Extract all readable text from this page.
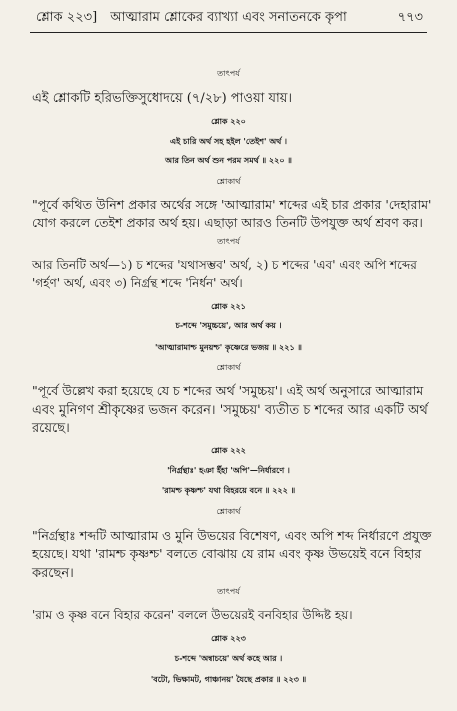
শ্লোক ২২৩]	আত্মারাম শ্লোকের ব্যাখ্যা এবং সনাতনকে কৃপা	৭৭৩
তাৎপর্য
এই শ্লোকটি হরিভক্তিসুধোদয়ে (৭/২৮) পাওয়া যায়।
শ্লোক ২২০
এই চারি অর্থ সহ হইল 'তেইশ' অর্থ ।
আর তিন অর্থ শুন পরম সমর্থ ॥ ২২০ ॥
শ্লোকার্থ
"পূর্বে কথিত উনিশ প্রকার অর্থের সঙ্গে 'আত্মারাম' শব্দের এই চার প্রকার 'দেহারাম'
যোগ করলে তেইশ প্রকার অর্থ হয়। এছাড়া আরও তিনটি উপযুক্ত অর্থ শ্রবণ কর।
তাৎপর্য
আর তিনটি অর্থ—১) চ শব্দের 'যথাসম্ভব' অর্থ, ২) চ শব্দের 'এব' এবং অপি শব্দের
'গর্হণ' অর্থ, এবং ৩) নির্গ্রন্থ শব্দে 'নির্ধন' অর্থ।
শ্লোক ২২১
চ-শব্দে 'সমুচ্চয়ে', আর অর্থ কয় ।
'আত্মারামাশ্চ মুনয়শ্চ' কৃষ্ণেরে ভজয় ॥ ২২১ ॥
শ্লোকার্থ
"পূর্বে উল্লেখ করা হয়েছে যে চ শব্দের অর্থ 'সমুচ্চয়'। এই অর্থ অনুসারে আত্মারাম
এবং মুনিগণ শ্রীকৃষ্ণের ভজন করেন। 'সমুচ্চয়' ব্যতীত চ শব্দের আর একটি অর্থ
রয়েছে।
শ্লোক ২২২
'নির্গ্রন্থাঃ' হঞা ইঁহা 'অপি'—নির্ধারণে ।
'রামশ্চ কৃষ্ণশ্চ' যথা বিহরয়ে বনে ॥ ২২২ ॥
শ্লোকার্থ
"নির্গ্রন্থাঃ শব্দটি আত্মারাম ও মুনি উভয়ের বিশেষণ, এবং অপি শব্দ নির্ধারণে প্রযুক্ত
হয়েছে। যথা 'রামশ্চ কৃষ্ণশ্চ' বলতে বোঝায় যে রাম এবং কৃষ্ণ উভয়েই বনে বিহার
করছেন।
তাৎপর্য
'রাম ও কৃষ্ণ বনে বিহার করেন' বললে উভয়েরই বনবিহার উদ্দিষ্ট হয়।
শ্লোক ২২৩
চ-শব্দে 'অন্বাচয়ে' অর্থ কহে আর ।
'বটো, ভিক্ষামট, গাঞ্চানয়' যৈছে প্রকার ॥ ২২৩ ॥
